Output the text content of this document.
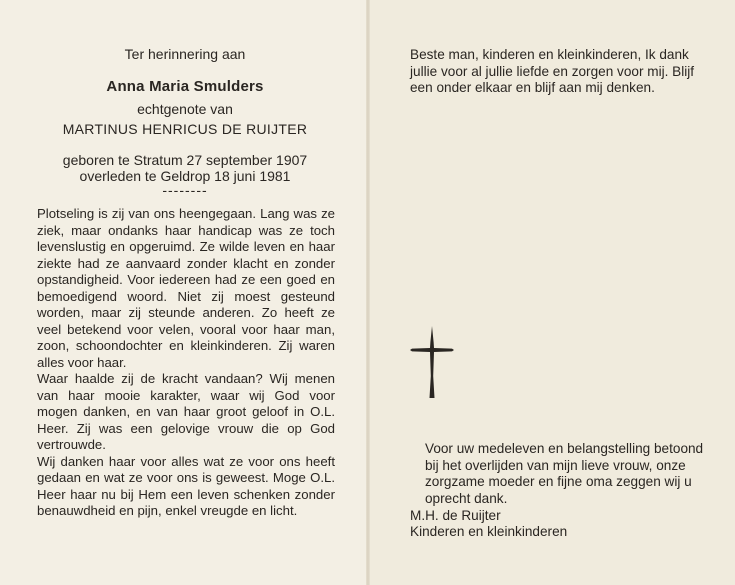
Ter herinnering aan
Anna Maria Smulders
echtgenote van
MARTINUS HENRICUS DE RUIJTER
geboren te Stratum 27 september 1907
overleden te Geldrop 18 juni 1981
--------

Plotseling is zij van ons heengegaan. Lang was ze ziek, maar ondanks haar handicap was ze toch levenslustig en opgeruimd. Ze wilde leven en haar ziekte had ze aanvaard zonder klacht en zonder opstandigheid. Voor iedereen had ze een goed en bemoedigend woord. Niet zij moest gesteund worden, maar zij steunde anderen. Zo heeft ze veel betekend voor velen, vooral voor haar man, zoon, schoondochter en kleinkinderen. Zij waren alles voor haar.

Waar haalde zij de kracht vandaan? Wij menen van haar mooie karakter, waar wij God voor mogen danken, en van haar groot geloof in O.L. Heer. Zij was een gelovige vrouw die op God vertrouwde.

Wij danken haar voor alles wat ze voor ons heeft gedaan en wat ze voor ons is geweest. Moge O.L. Heer haar nu bij Hem een leven schenken zonder benauwdheid en pijn, enkel vreugde en licht.

Beste man, kinderen en kleinkinderen, Ik dank jullie voor al jullie liefde en zorgen voor mij. Blijf een onder elkaar en blijf aan mij denken.
Voor uw medeleven en belangstelling betoond bij het overlijden van mijn lieve vrouw, onze zorgzame moeder en fijne oma zeggen wij u oprecht dank.
M.H. de Ruijter
Kinderen en kleinkinderen
